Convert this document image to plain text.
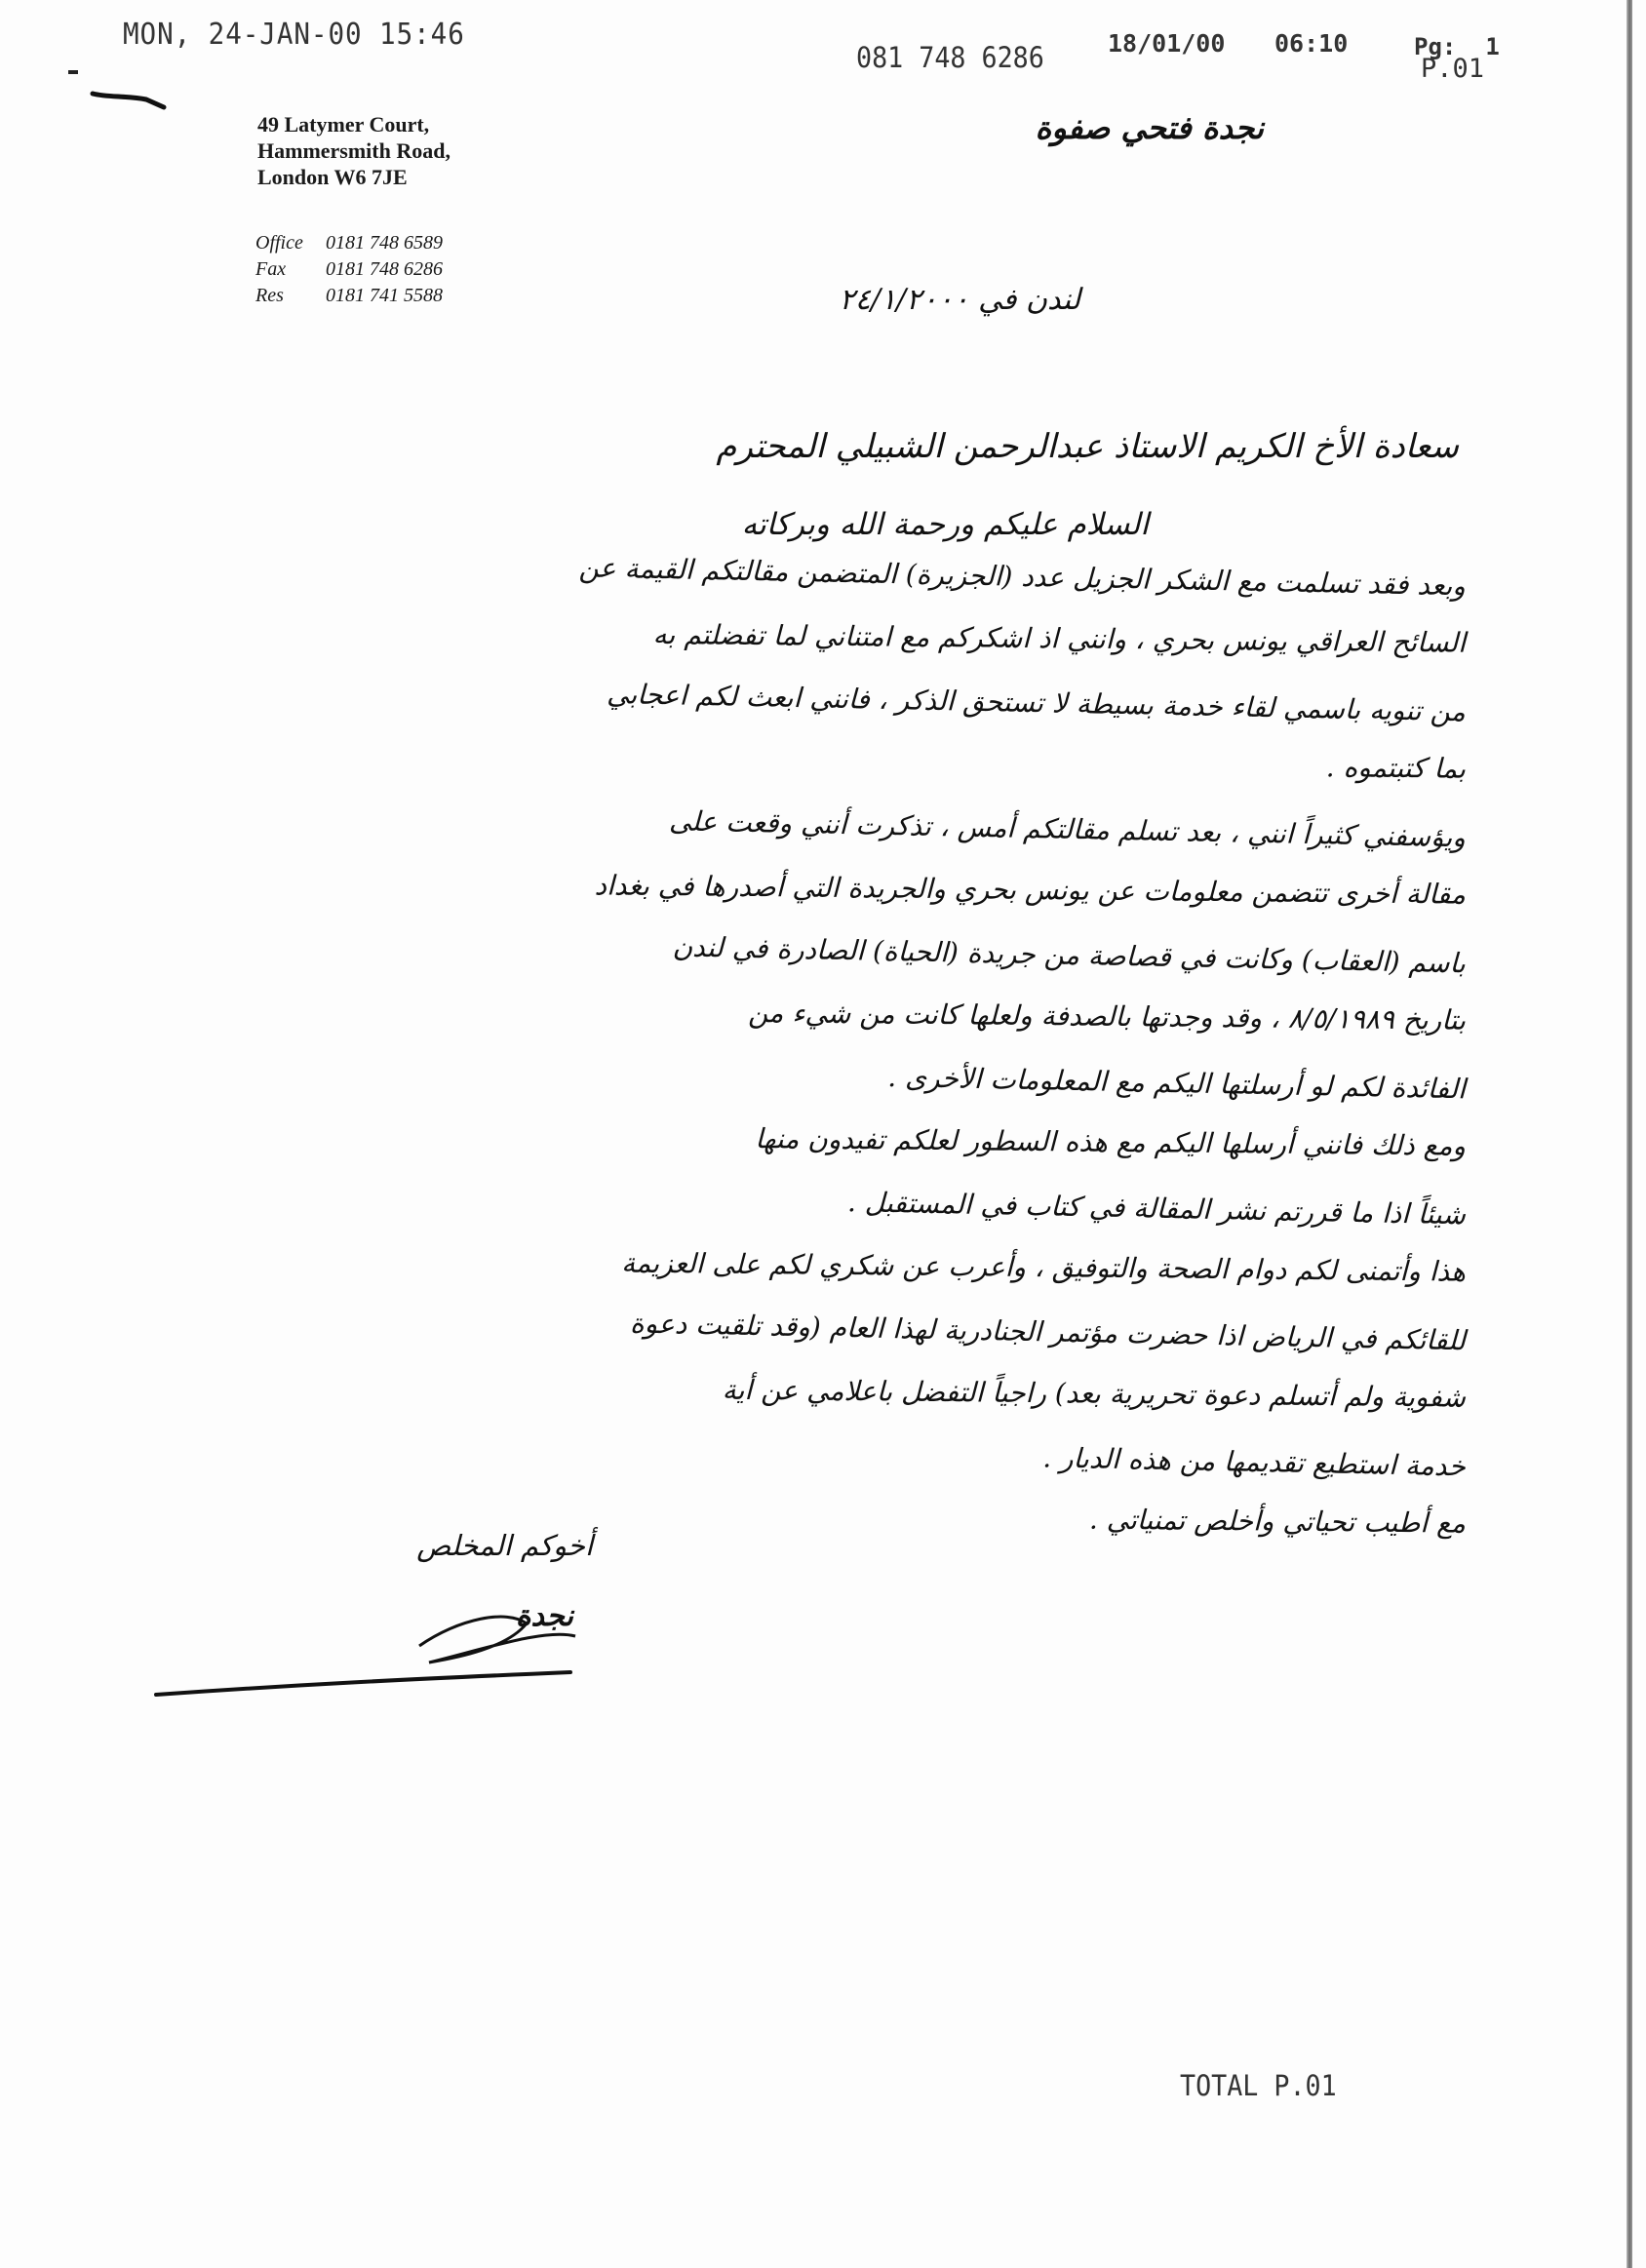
MON, 24-JAN-00 15:46
081 748 6286	18/01/00 06:10	Pg: 1
P.01
49 Latymer Court,
Hammersmith Road,
London W6 7JE
Office 0181 748 6589
Fax 0181 748 6286
Res 0181 741 5588
نجدة فتحي صفوة
لندن في ٢٤/١/٢٠٠٠
سعادة الأخ الكريم الاستاذ عبدالرحمن الشبيلي المحترم
السلام عليكم ورحمة الله وبركاته
وبعد فقد تسلمت مع الشكر الجزيل عدد (الجزيرة) المتضمن مقالتكم القيمة عن
السائح العراقي يونس بحري ، وانني اذ اشكركم مع امتناني لما تفضلتم به
من تنويه باسمي لقاء خدمة بسيطة لا تستحق الذكر ، فانني ابعث لكم اعجابي
بما كتبتموه .
ويؤسفني كثيراً انني ، بعد تسلم مقالتكم أمس ، تذكرت أنني وقعت على
مقالة أخرى تتضمن معلومات عن يونس بحري والجريدة التي أصدرها في بغداد
باسم (العقاب) وكانت في قصاصة من جريدة (الحياة) الصادرة في لندن
بتاريخ ٨/٥/١٩٨٩ ، وقد وجدتها بالصدفة ولعلها كانت من شيء من
الفائدة لكم لو أرسلتها اليكم مع المعلومات الأخرى .
ومع ذلك فانني أرسلها اليكم مع هذه السطور لعلكم تفيدون منها
شيئاً اذا ما قررتم نشر المقالة في كتاب في المستقبل .
هذا وأتمنى لكم دوام الصحة والتوفيق ، وأعرب عن شكري لكم على العزيمة
للقائكم في الرياض اذا حضرت مؤتمر الجنادرية لهذا العام (وقد تلقيت دعوة
شفوية ولم أتسلم دعوة تحريرية بعد) راجياً التفضل باعلامي عن أية
خدمة استطيع تقديمها من هذه الديار .
مع أطيب تحياتي وأخلص تمنياتي .
أخوكم المخلص
نجدة
TOTAL P.01
